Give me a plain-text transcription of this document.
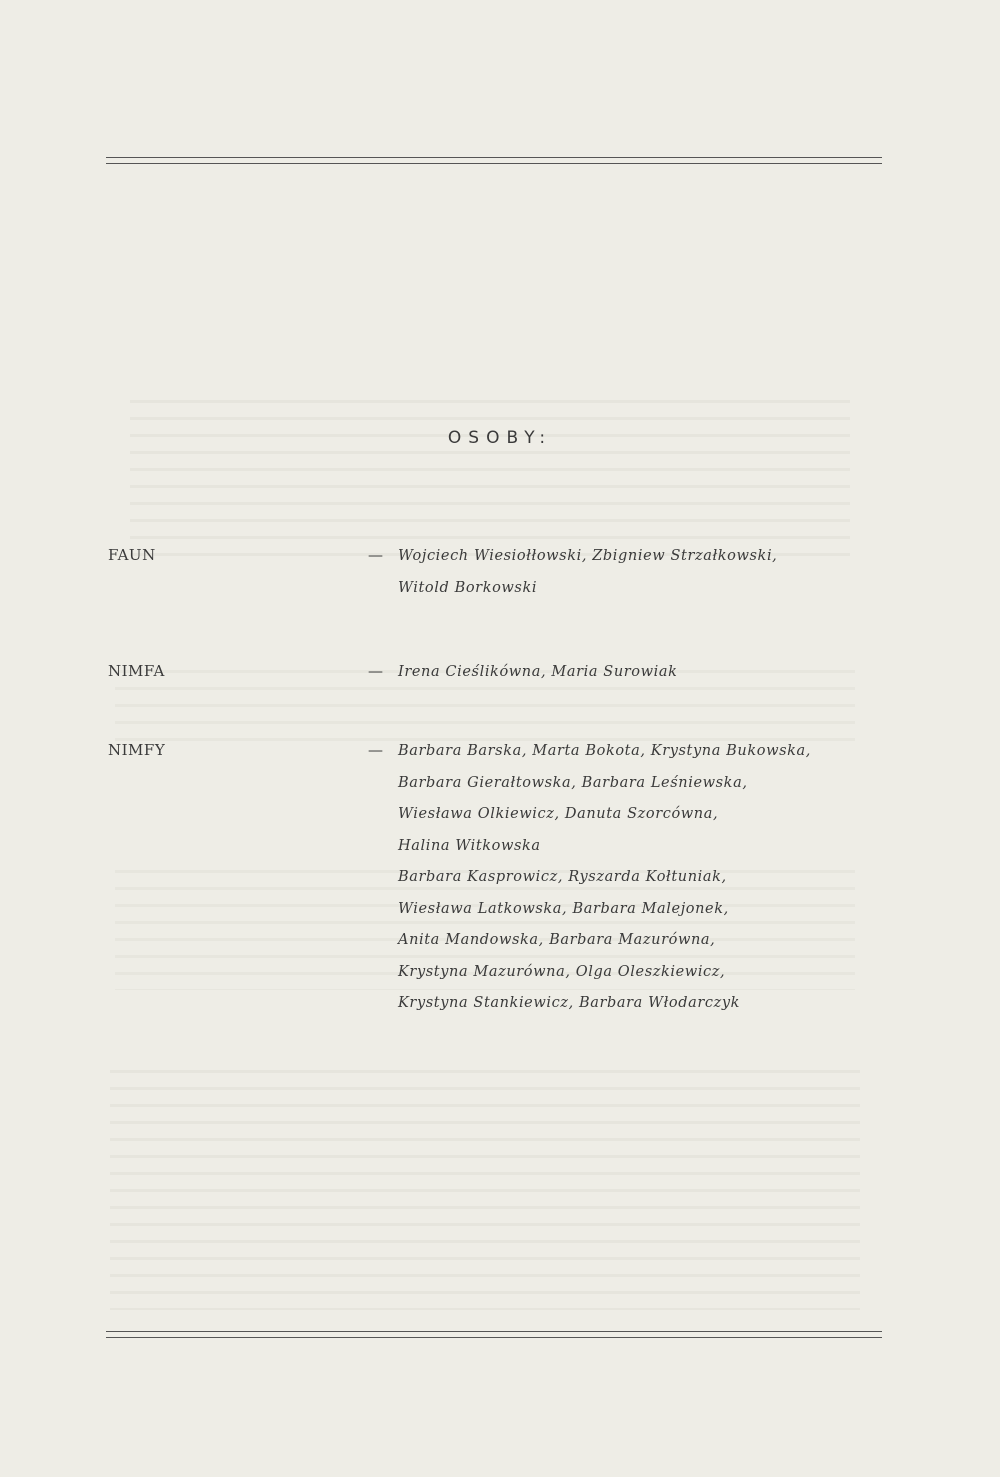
OSOBY:
FAUN	— Wojciech Wiesiołłowski, Zbigniew Strzałkowski,
Witold Borkowski
NIMFA	— Irena Cieślikówna, Maria Surowiak
NIMFY	— Barbara Barska, Marta Bokota, Krystyna Bukowska,
Barbara Gierałtowska, Barbara Leśniewska,
Wiesława Olkiewicz, Danuta Szorcówna,
Halina Witkowska
Barbara Kasprowicz, Ryszarda Kołtuniak,
Wiesława Latkowska, Barbara Malejonek,
Anita Mandowska, Barbara Mazurówna,
Krystyna Mazurówna, Olga Oleszkiewicz,
Krystyna Stankiewicz, Barbara Włodarczyk
